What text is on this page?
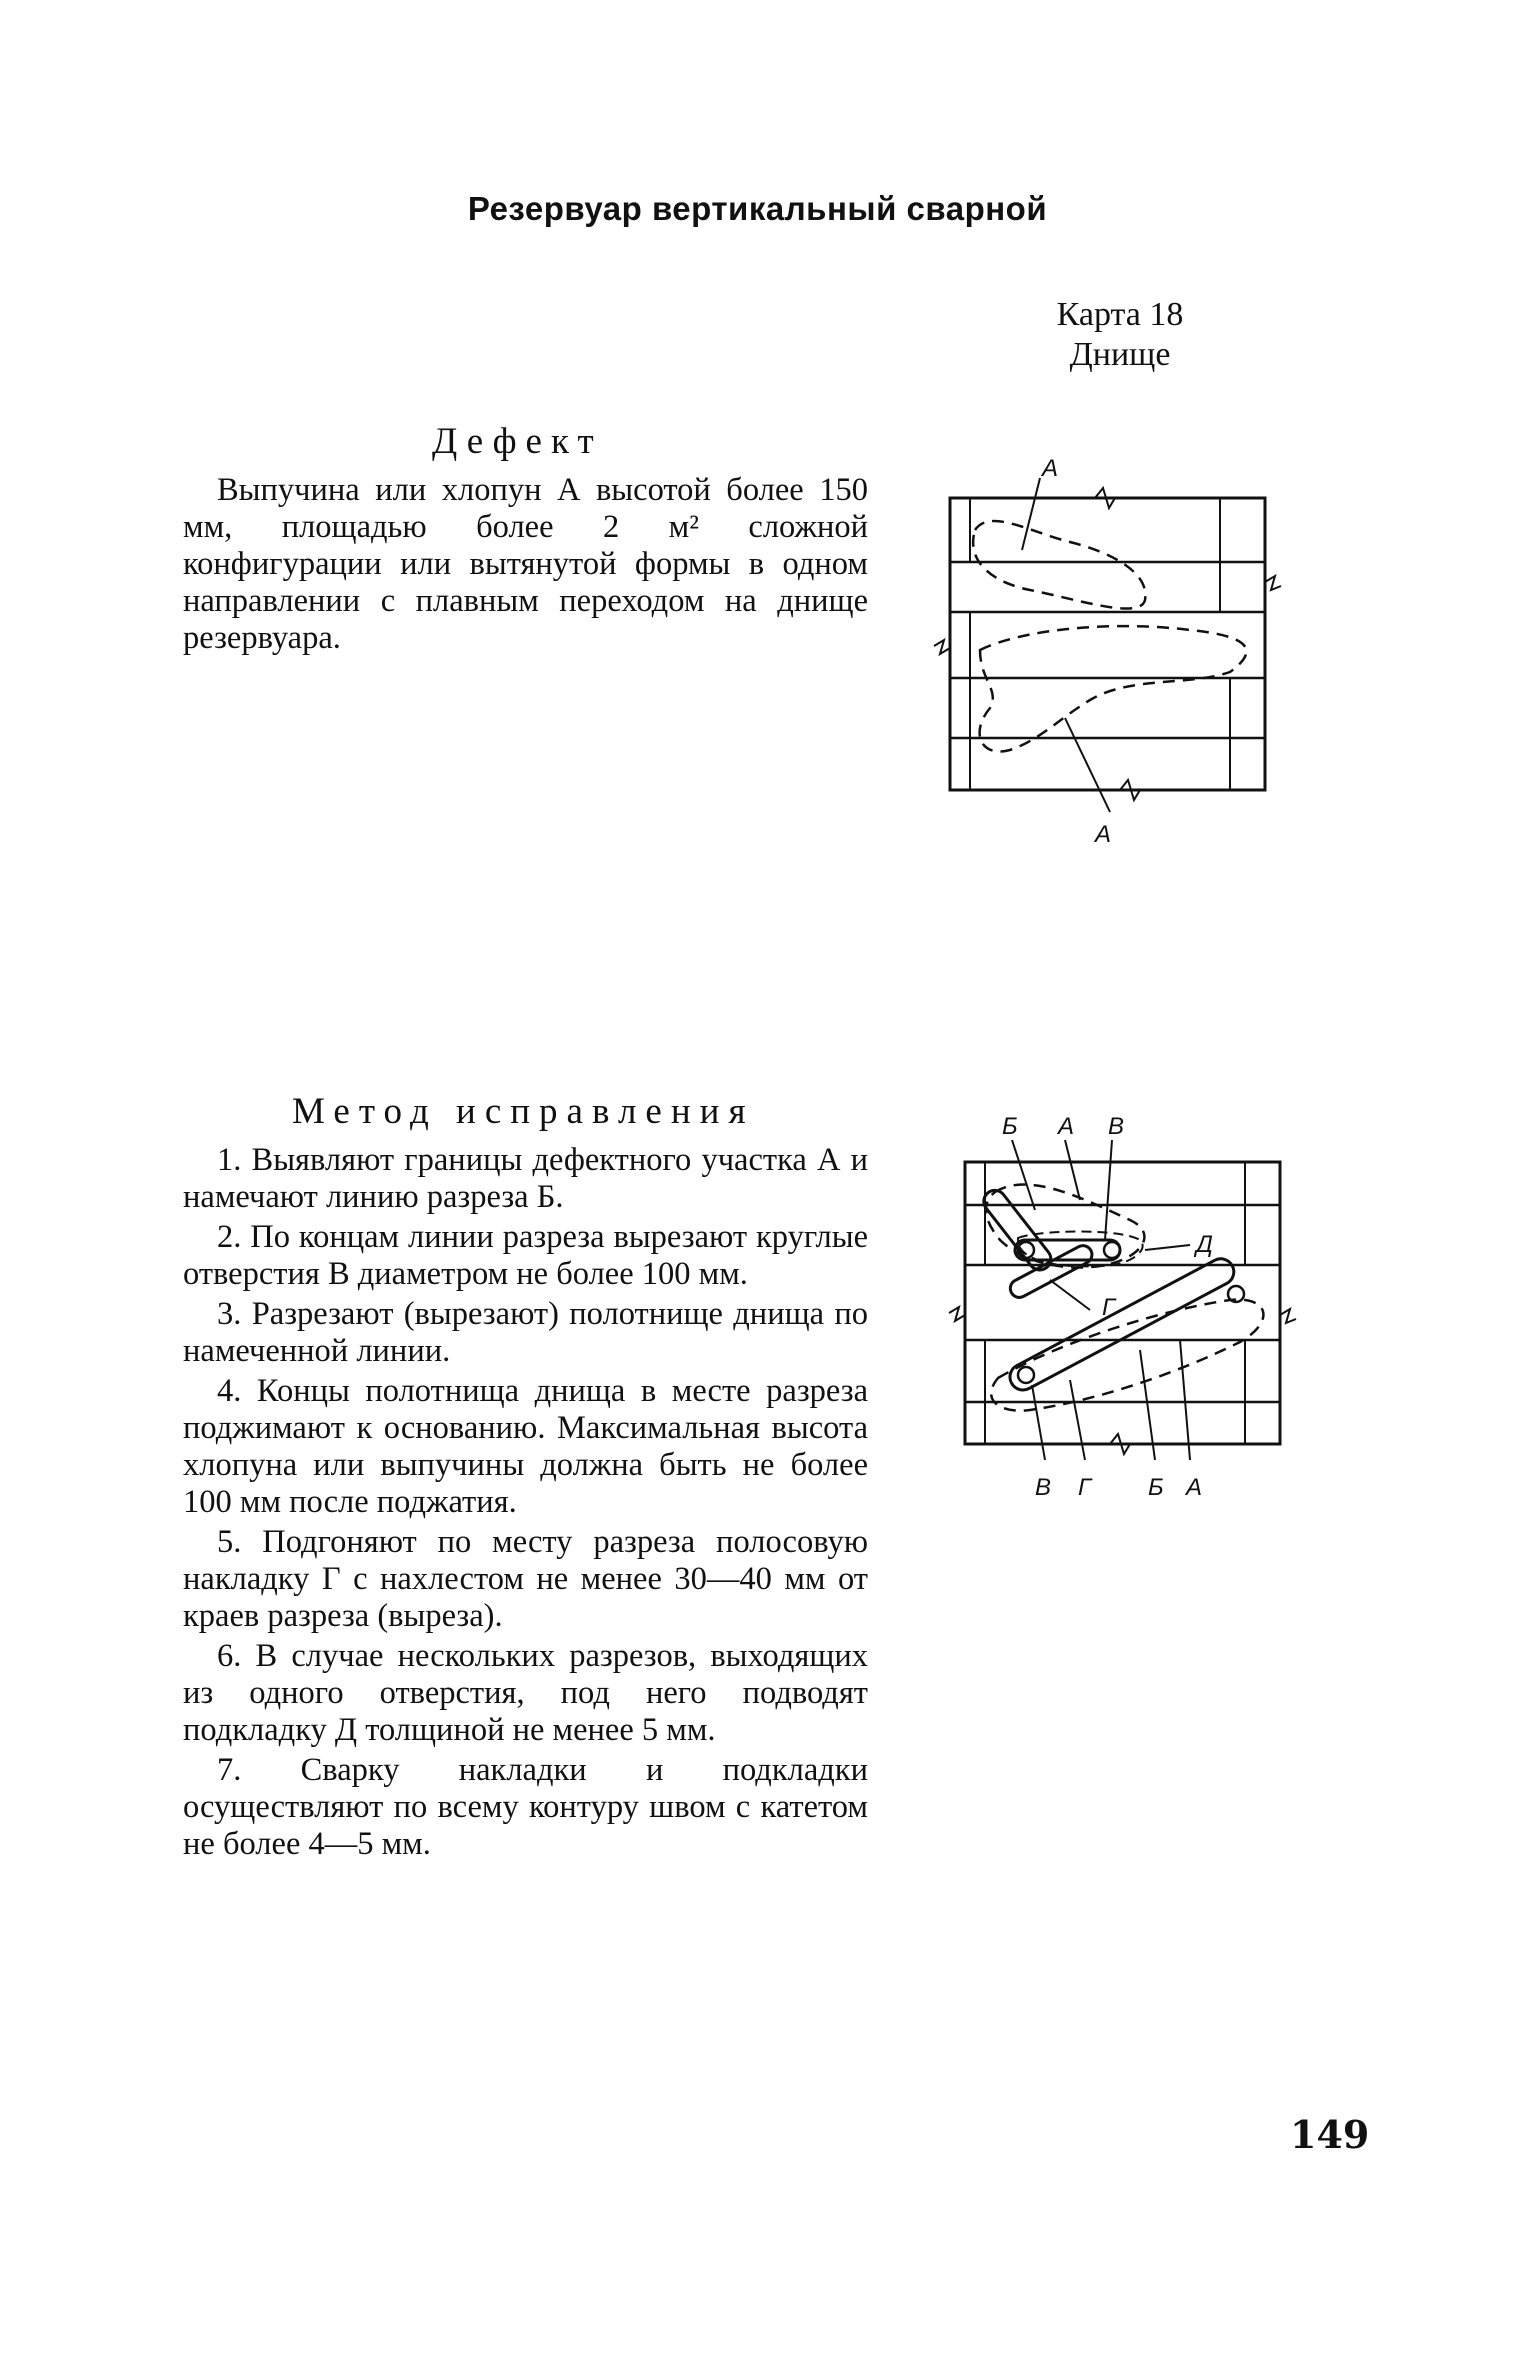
Резервуар вертикальный сварной
Карта 18
Днище
Дефект

Выпучина или хлопун А высотой более 150 мм, площадью более 2 м² сложной конфигурации или вытянутой формы в одном направлении с плавным переходом на днище резервуара.

А
А
Метод исправления

1. Выявляют границы дефектного участка А и намечают линию разреза Б.

2. По концам линии разреза вырезают круглые отверстия В диаметром не более 100 мм.

3. Разрезают (вырезают) полотнище днища по намеченной линии.

4. Концы полотнища днища в месте разреза поджимают к основанию. Максимальная высота хлопуна или выпучины должна быть не более 100 мм после поджатия.

5. Подгоняют по месту разреза полосовую накладку Г с нахлестом не менее 30—40 мм от краев разреза (выреза).

6. В случае нескольких разрезов, выходящих из одного отверстия, под него подводят подкладку Д толщиной не менее 5 мм.

7. Сварку накладки и подкладки осуществляют по всему контуру швом с катетом не более 4—5 мм.

Б А В
Д
Г
В Г Б А
149
